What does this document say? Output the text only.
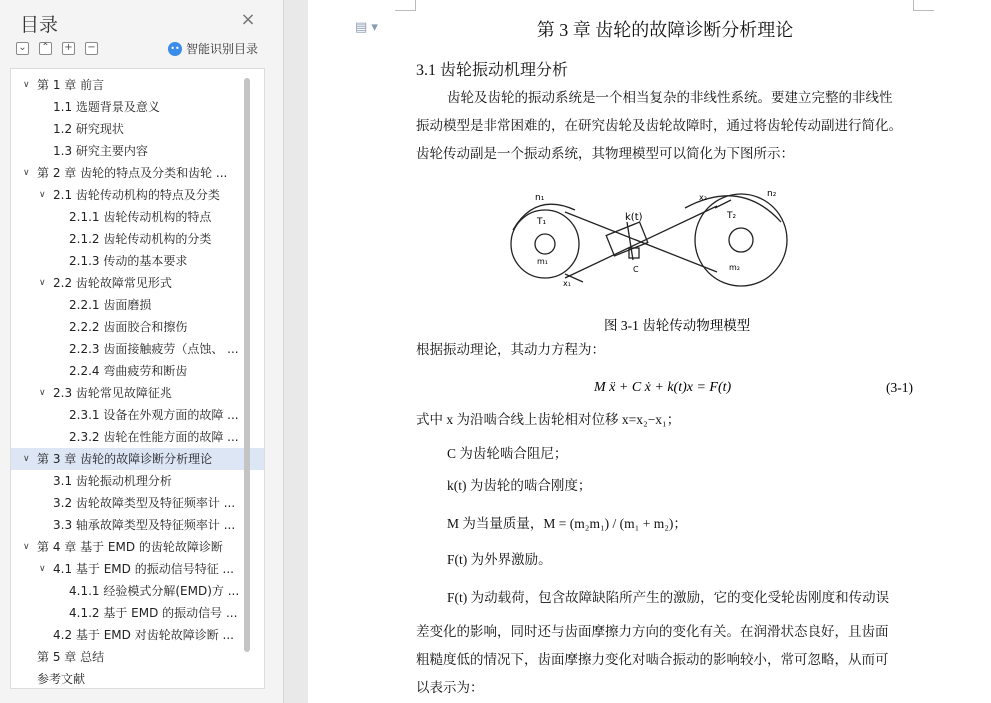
目录	×
⌄ ⌃ + −	•• 智能识别目录
第 1 章 前言
1.1 选题背景及意义
1.2 研究现状
1.3 研究主要内容
第 2 章 齿轮的特点及分类和齿轮 ...
2.1 齿轮传动机构的特点及分类
2.1.1 齿轮传动机构的特点
2.1.2 齿轮传动机构的分类
2.1.3 传动的基本要求
2.2 齿轮故障常见形式
2.2.1 齿面磨损
2.2.2 齿面胶合和擦伤
2.2.3 齿面接触疲劳（点蚀、 ...
2.2.4 弯曲疲劳和断齿
2.3 齿轮常见故障征兆
2.3.1 设备在外观方面的故障 ...
2.3.2 齿轮在性能方面的故障 ...
第 3 章 齿轮的故障诊断分析理论
3.1 齿轮振动机理分析
3.2 齿轮故障类型及特征频率计 ...
3.3 轴承故障类型及特征频率计 ...
第 4 章 基于 EMD 的齿轮故障诊断
4.1 基于 EMD 的振动信号特征 ...
4.1.1 经验模式分解(EMD)方 ...
4.1.2 基于 EMD 的振动信号 ...
4.2 基于 EMD 对齿轮故障诊断 ...
第 5 章 总结
参考文献
∨
∨
∨
∨
∨
∨
∨
∨
▤ ▾	第 3 章 齿轮的故障诊断分析理论
3.1 齿轮振动机理分析
齿轮及齿轮的振动系统是一个相当复杂的非线性系统。要建立完整的非线性
振动模型是非常困难的，在研究齿轮及齿轮故障时，通过将齿轮传动副进行简化。
齿轮传动副是一个振动系统，其物理模型可以简化为下图所示：
n₁	n₂
T₁
T₂
m₁
m₂
k(t)
C
x₁
x₂
图 3-1 齿轮传动物理模型
根据振动理论，其动力方程为：
M ẍ + C ẋ + k(t)x = F(t)	(3-1)
式中 x 为沿啮合线上齿轮相对位移 x=x₂−x₁；
C 为齿轮啮合阻尼；
k(t) 为齿轮的啮合刚度；
M 为当量质量，M = (m₂m₁) / (m₁ + m₂)；
F(t) 为外界激励。
F(t) 为动载荷，包含故障缺陷所产生的激励，它的变化受轮齿刚度和传动误
差变化的影响，同时还与齿面摩擦力方向的变化有关。在润滑状态良好，且齿面
粗糙度低的情况下，齿面摩擦力变化对啮合振动的影响较小，常可忽略，从而可
以表示为：
